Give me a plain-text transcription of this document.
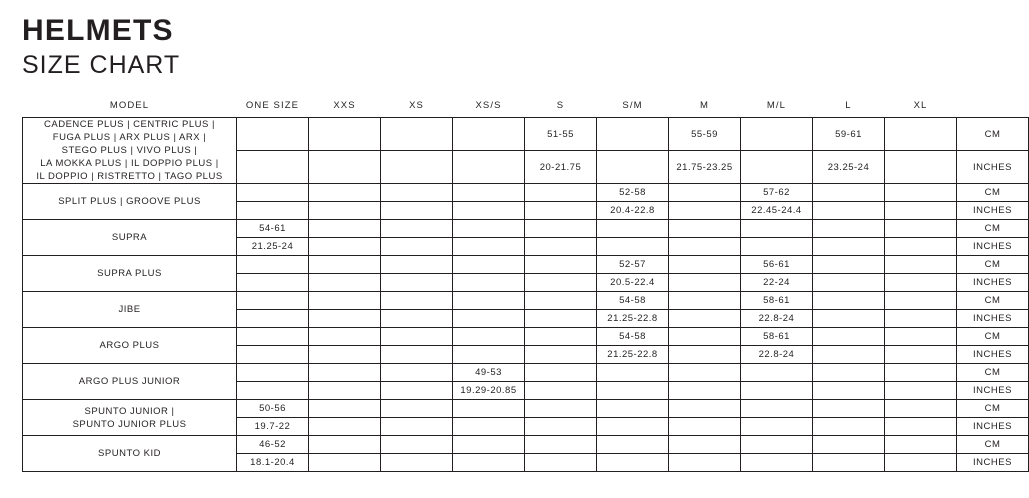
HELMETS
SIZE CHART
MODEL	ONE SIZE	XXS	XS	XS/S	S	S/M	M	M/L	L	XL	

CADENCE PLUS | CENTRIC PLUS |
FUGA PLUS | ARX PLUS | ARX |
STEGO PLUS | VIVO PLUS |
LA MOKKA PLUS | IL DOPPIO PLUS |
IL DOPPIO | RISTRETTO | TAGO PLUS					51-55		55-59		59-61		CM
					20-21.75		21.75-23.25		23.25-24		INCHES

SPLIT PLUS | GROOVE PLUS						52-58		57-62			CM
						20.4-22.8		22.45-24.4			INCHES

SUPRA	54-61										CM
	21.25-24										INCHES

SUPRA PLUS						52-57		56-61			CM
						20.5-22.4		22-24			INCHES

JIBE						54-58		58-61			CM
						21.25-22.8		22.8-24			INCHES

ARGO PLUS						54-58		58-61			CM
						21.25-22.8		22.8-24			INCHES

ARGO PLUS JUNIOR				49-53							CM
				19.29-20.85							INCHES

SPUNTO JUNIOR |
SPUNTO JUNIOR PLUS	50-56										CM
	19.7-22										INCHES

SPUNTO KID	46-52										CM
	18.1-20.4										INCHES
